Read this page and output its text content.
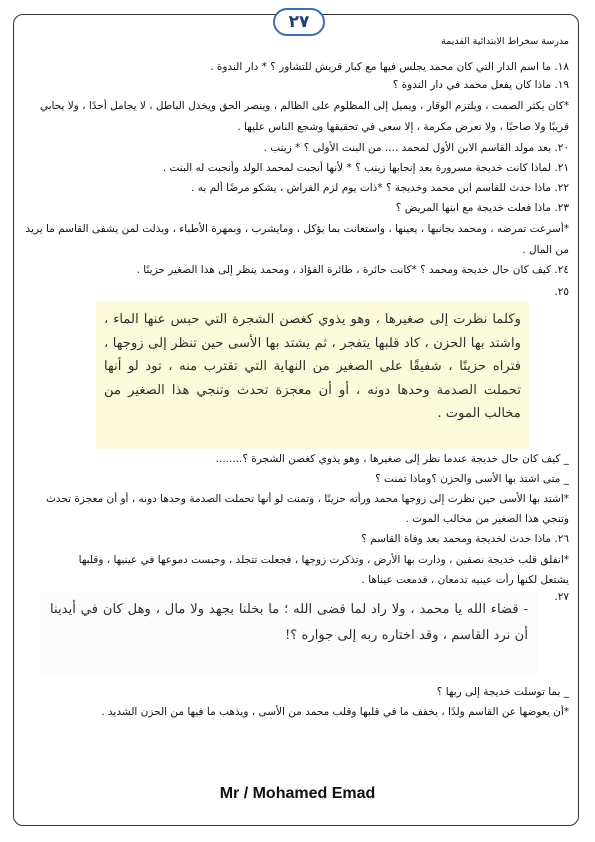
٢٧
مدرسة سخراط الابتدائية القديمة
١٨. ما اسم الدار التي كان محمد يجلس فيها مع كبار قريش للتشاور ؟ * دار الندوة .
١٩. ماذا كان يفعل محمد في دار الندوة ؟
*كان يكثر الصمت ، ويلتزم الوقار ، ويميل إلى المظلوم على الظالم ، وينصر الحق ويخذل الباطل ، لا يجامل أحدًا ، ولا يحابي
قريبًا ولا صاحبًا ، ولا تعرض مكرمة ، إلا سعى في تحقيقها وشجع الناس عليها .
٢٠. بعد مولد القاسم الابن الأول لمحمد .... من البنت الأولى ؟ * زينب .
٢١. لماذا كانت خديجة مسرورة بعد إنجابها زينب ؟ * لأنها أنجبت لمحمد الولد وأنجبت له البنت .
٢٢. ماذا حدث للقاسم ابن محمد وخديجة ؟ *ذات يوم لزم الفراش ، يشكو مرضًا ألم به .
٢٣. ماذا فعلت خديجة مع ابنها المريض ؟
*أسرعت تمرضه ، ومحمد بجانبها ، يعينها ، واستعانت بما يؤكل ، ومايشرب ، وبمهرة الأطباء ، وبذلت لمن يشفى القاسم ما يريد
من المال .
٢٤. كيف كان حال خديجة ومحمد ؟ *كانت حائرة ، طائرة الفؤاد ، ومحمد ينظر إلى هذا الصغير حزينًا .
٢٥.
وكلما نظرت إلى صغيرها ، وهو يذوي كغصن الشجرة التي حبس عنها الماء ، واشتد بها الحزن ، كاد قلبها يتفجر ، ثم يشتد بها الأسى حين تنظر إلى زوجها ، فتراه حزينًا ، شفيقًا على الصغير من النهاية التي تقترب منه ، تود لو أنها تحملت الصدمة وحدها دونه ، أو أن معجزة تحدث وتنجي هذا الصغير من مخالب الموت .
_ كيف كان حال خديجة عندما نظر إلى صغيرها ، وهو يذوي كغصن الشجرة ؟........
_ متى اشتد بها الأسى والحزن ؟وماذا تمنت ؟
*اشتد بها الأسى حين نظرت إلى زوجها محمد ورأته حزينًا ، وتمنت لو أنها تحملت الصدمة وحدها دونه ، أو أن معجزة تحدث
وتنجي هذا الصغير من مخالب الموت .
٢٦. ماذا حدث لخديجة ومحمد بعد وفاة القاسم ؟
*انفلق قلب خديجة نصفين ، ودارت بها الأرض ، وتذكرت زوجها ، فجعلت تتجلد ، وحبست دموعها في عينيها ، وقلبها
يشتعل لكنها رأت عينيه تدمعان ، فدمعت عيناها .
٢٧.
- قضاء الله يا محمد ، ولا راد لما قضى الله ؛ ما بخلنا بجهد ولا مال ، وهل كان في أيدينا أن نرد القاسم ، وقد اختاره ربه إلى جواره ؟!
_ بما توسلت خديجة إلى ربها ؟
*أن يعوضها عن القاسم ولدًا ، يخفف ما في قلبها وقلب محمد من الأسى ، ويذهب ما فيها من الحزن الشديد .
Mr / Mohamed Emad
